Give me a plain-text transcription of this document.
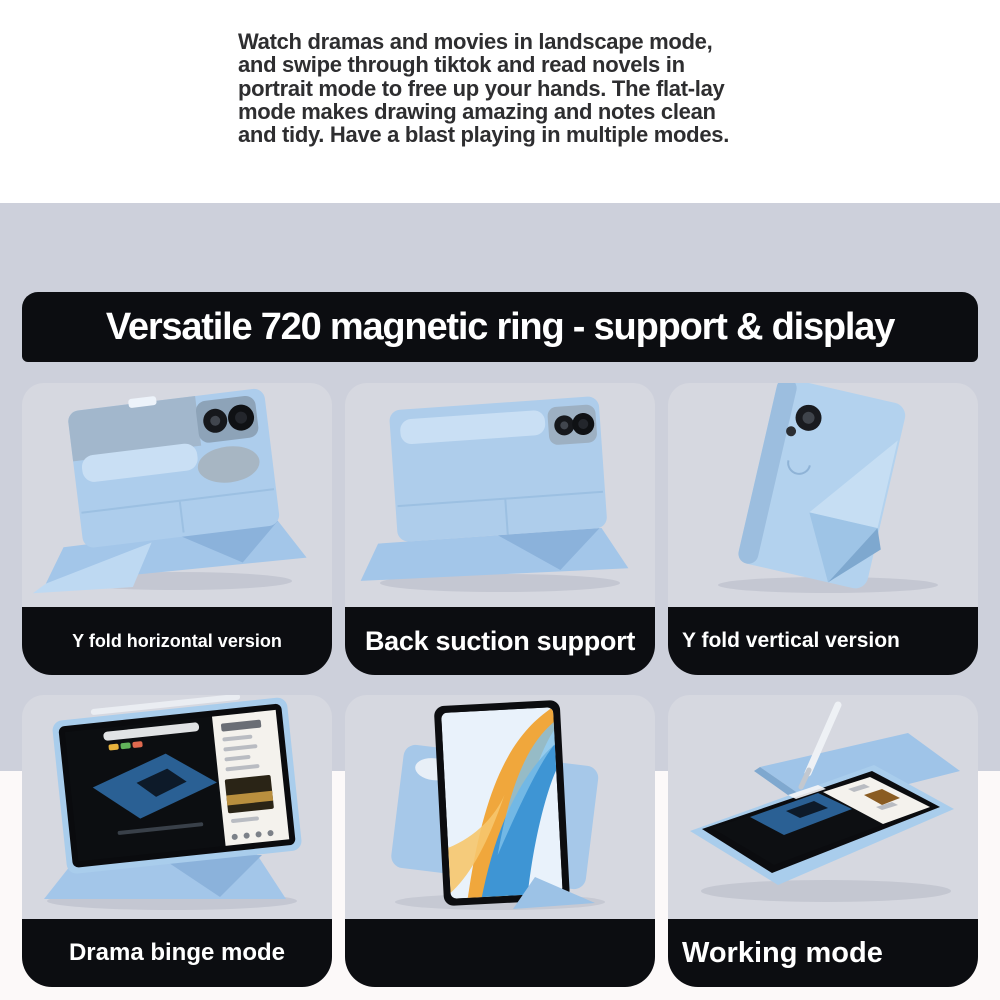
Watch dramas and movies in landscape mode,
and swipe through tiktok and read novels in
portrait mode to free up your hands. The flat-lay
mode makes drawing amazing and notes clean
and tidy. Have a blast playing in multiple modes.
Versatile 720 magnetic ring - support & display
Y fold horizontal version	Back suction support Y fold vertical version
Drama binge mode	Working mode
